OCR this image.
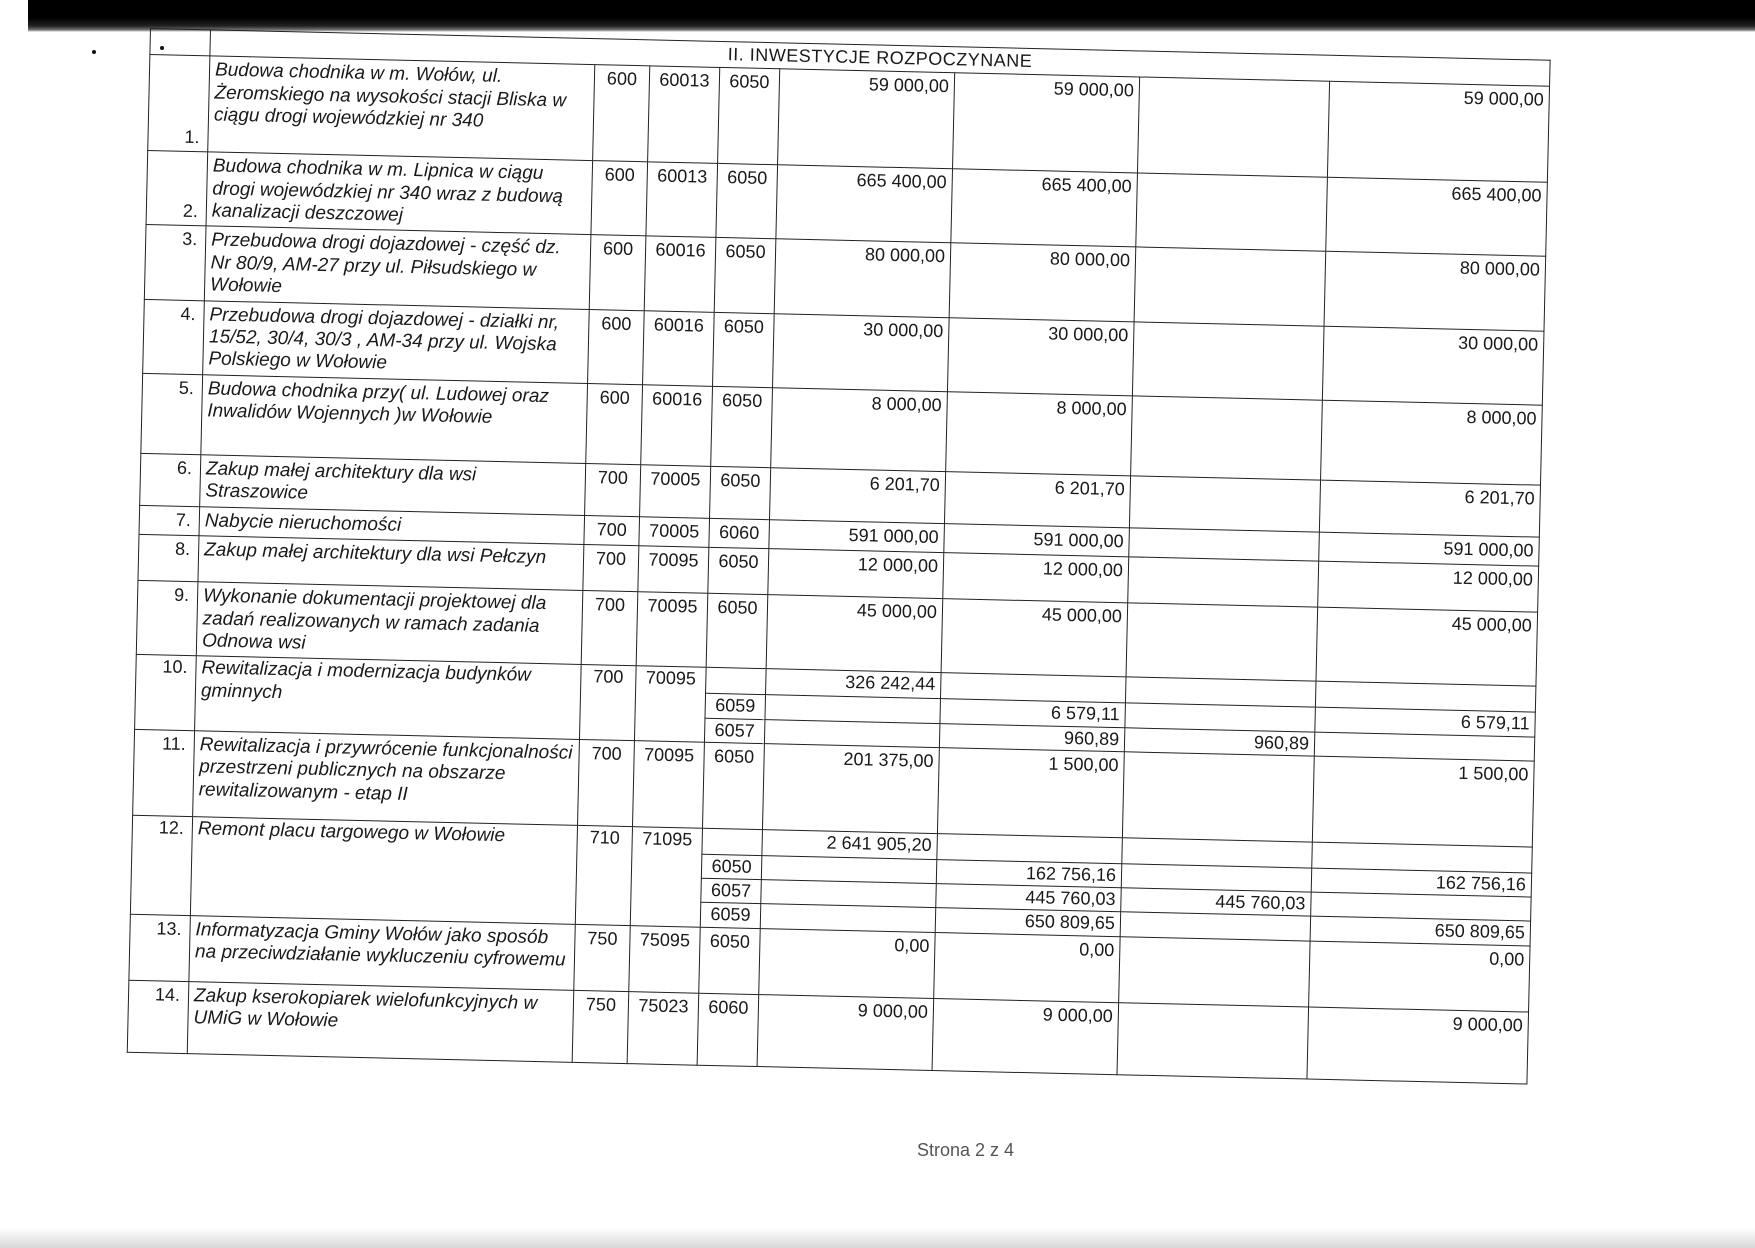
	II. INWESTYCJE ROZPOCZYNANE							
1.	Budowa chodnika w m. Wołów, ul. Żeromskiego na wysokości stacji Bliska w ciągu drogi wojewódzkiej nr 340	600	60013	6050	59 000,00	59 000,00		59 000,00
2.	Budowa chodnika w m. Lipnica w ciągu drogi wojewódzkiej nr 340 wraz z budową kanalizacji deszczowej	600	60013	6050	665 400,00	665 400,00		665 400,00
3.	Przebudowa drogi dojazdowej - część dz. Nr 80/9, AM-27 przy ul. Piłsudskiego w Wołowie	600	60016	6050	80 000,00	80 000,00		80 000,00
4.	Przebudowa drogi dojazdowej - działki nr, 15/52, 30/4, 30/3 , AM-34 przy ul. Wojska Polskiego w Wołowie	600	60016	6050	30 000,00	30 000,00		30 000,00
5.	Budowa chodnika przy( ul. Ludowej oraz Inwalidów Wojennych )w Wołowie	600	60016	6050	8 000,00	8 000,00		8 000,00
6.	Zakup małej architektury dla wsi Straszowice	700	70005	6050	6 201,70	6 201,70		6 201,70
7.	Nabycie nieruchomości	700	70005	6060	591 000,00	591 000,00		591 000,00
8.	Zakup małej architektury dla wsi Pełczyn	700	70095	6050	12 000,00	12 000,00		12 000,00
9.	Wykonanie dokumentacji projektowej dla zadań realizowanych w ramach zadania Odnowa wsi	700	70095	6050	45 000,00	45 000,00		45 000,00
10.	Rewitalizacja i modernizacja budynków gminnych	700	70095		326 242,44			
				6059		6 579,11		6 579,11
				6057		960,89	960,89	
11.	Rewitalizacja i przywrócenie funkcjonalności przestrzeni publicznych na obszarze rewitalizowanym - etap II	700	70095	6050	201 375,00	1 500,00		1 500,00
12.	Remont placu targowego w Wołowie	710	71095		2 641 905,20			
				6050		162 756,16		162 756,16
				6057		445 760,03	445 760,03	
				6059		650 809,65		650 809,65
13.	Informatyzacja Gminy Wołów jako sposób na przeciwdziałanie wykluczeniu cyfrowemu	750	75095	6050	0,00	0,00		0,00
14.	Zakup kserokopiarek wielofunkcyjnych w UMiG w Wołowie	750	75023	6060	9 000,00	9 000,00		9 000,00
Strona 2 z 4
